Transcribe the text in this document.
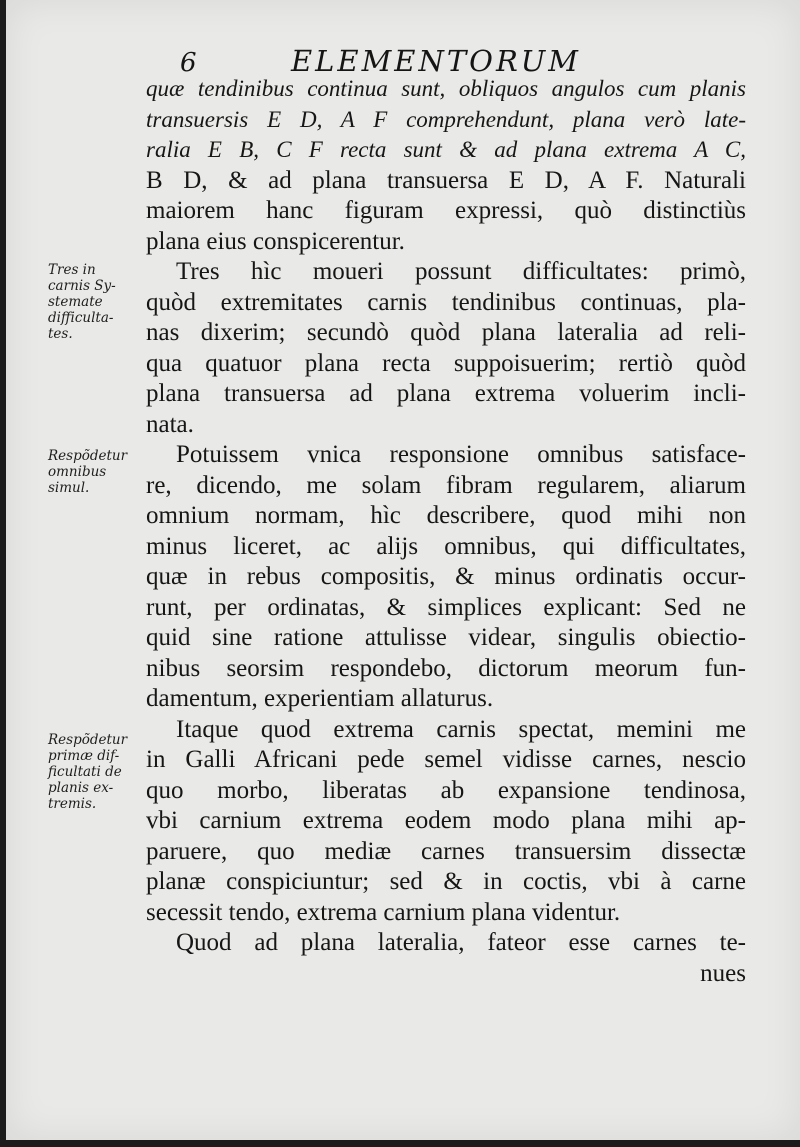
6	ELEMENTORUM
quæ tendinibus continua sunt, obliquos angulos cum planis
transuersis E D, A F comprehendunt, plana verò late-
ralia E B, C F recta sunt & ad plana extrema A C,
B D, & ad plana transuersa E D, A F. Naturali
maiorem hanc figuram expressi, quò distinctiùs
plana eius conspicerentur.
Tres hìc moueri possunt difficultates: primò,
quòd extremitates carnis tendinibus continuas, pla-
nas dixerim; secundò quòd plana lateralia ad reli-
qua quatuor plana recta suppoisuerim; rertiò quòd
plana transuersa ad plana extrema voluerim incli-
nata.
Potuissem vnica responsione omnibus satisface-
re, dicendo, me solam fibram regularem, aliarum
omnium normam, hìc describere, quod mihi non
minus liceret, ac alijs omnibus, qui difficultates,
quæ in rebus compositis, & minus ordinatis occur-
runt, per ordinatas, & simplices explicant: Sed ne
quid sine ratione attulisse videar, singulis obiectio-
nibus seorsim respondebo, dictorum meorum fun-
damentum, experientiam allaturus.
Itaque quod extrema carnis spectat, memini me
in Galli Africani pede semel vidisse carnes, nescio
quo morbo, liberatas ab expansione tendinosa,
vbi carnium extrema eodem modo plana mihi ap-
paruere, quo mediæ carnes transuersim dissectæ
planæ conspiciuntur; sed & in coctis, vbi à carne
secessit tendo, extrema carnium plana videntur.
Quod ad plana lateralia, fateor esse carnes te-
nues
Tres in
carnis Sy-
stemate
difficulta-
tes.
Respõdetur
omnibus
simul.
Respõdetur
primæ dif-
ficultati de
planis ex-
tremis.
